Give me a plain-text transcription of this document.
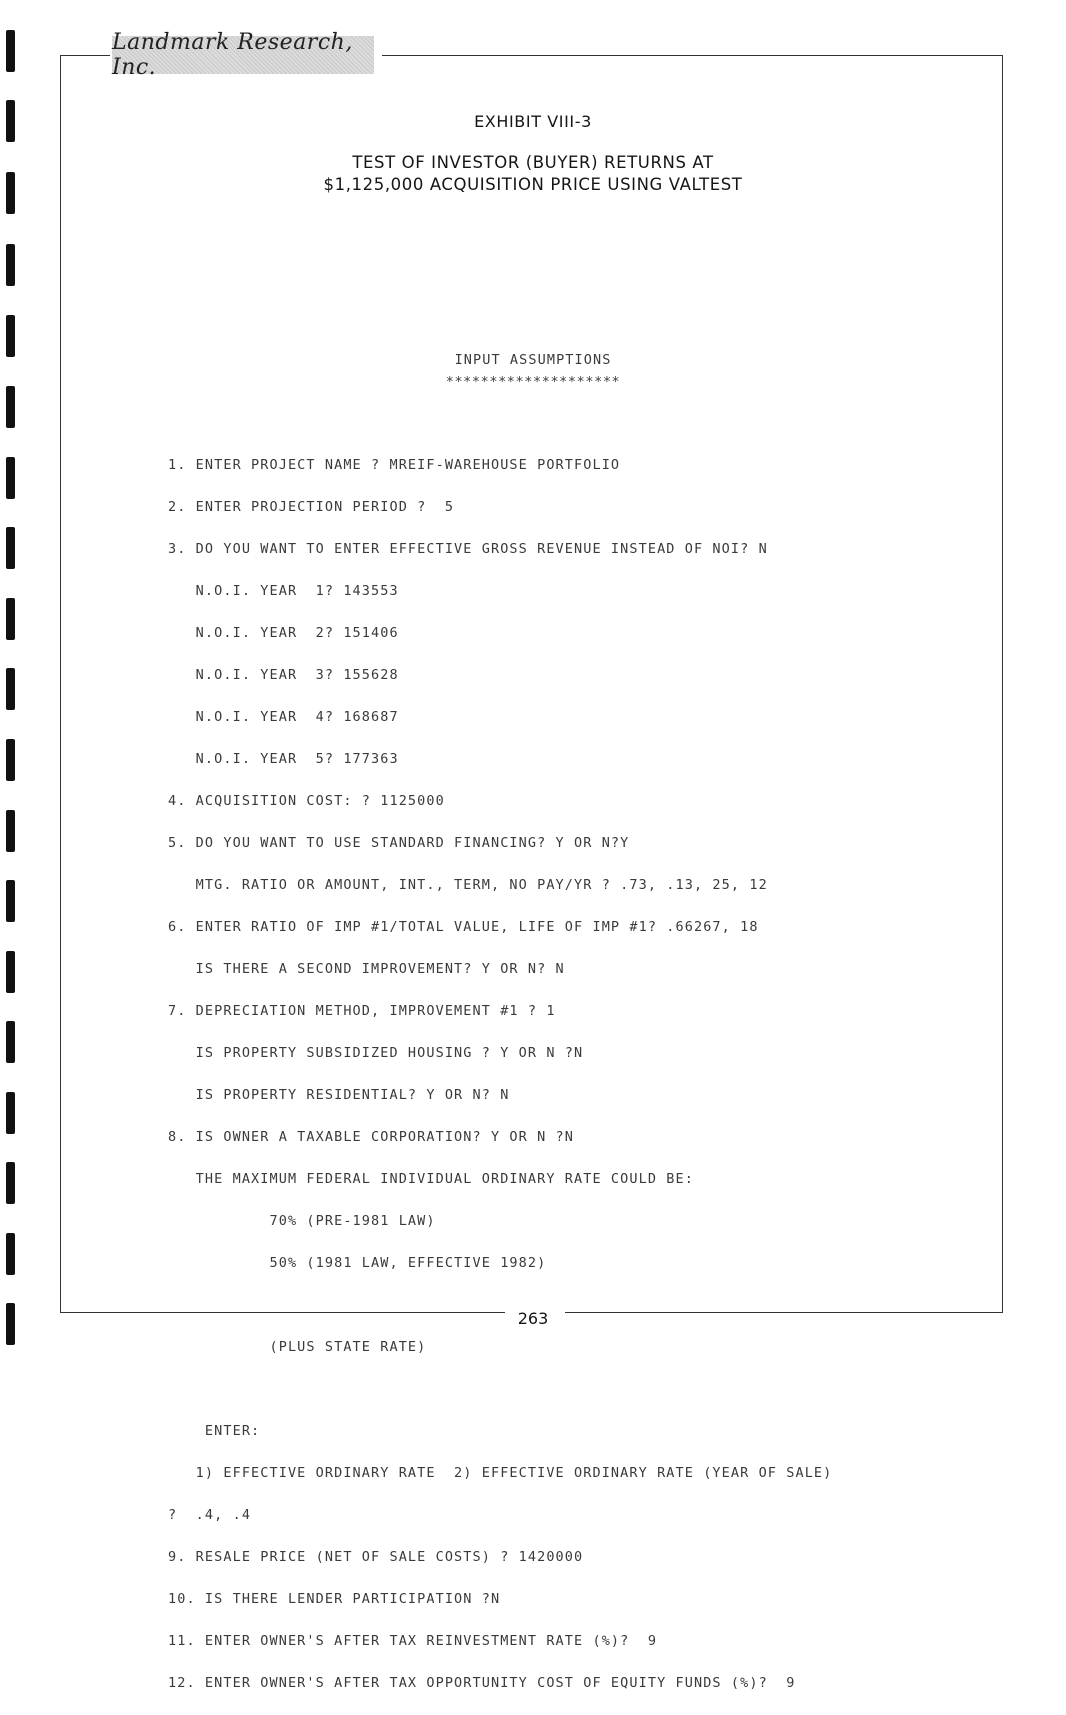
Landmark Research, Inc.
EXHIBIT VIII-3
TEST OF INVESTOR (BUYER) RETURNS AT
$1,125,000 ACQUISITION PRICE USING VALTEST
INPUT ASSUMPTIONS
********************

1. ENTER PROJECT NAME ? MREIF-WAREHOUSE PORTFOLIO

2. ENTER PROJECTION PERIOD ?  5

3. DO YOU WANT TO ENTER EFFECTIVE GROSS REVENUE INSTEAD OF NOI? N

N.O.I. YEAR  1? 143553

N.O.I. YEAR  2? 151406

N.O.I. YEAR  3? 155628

N.O.I. YEAR  4? 168687

N.O.I. YEAR  5? 177363

4. ACQUISITION COST: ? 1125000

5. DO YOU WANT TO USE STANDARD FINANCING? Y OR N?Y

MTG. RATIO OR AMOUNT, INT., TERM, NO PAY/YR ? .73, .13, 25, 12

6. ENTER RATIO OF IMP #1/TOTAL VALUE, LIFE OF IMP #1? .66267, 18

IS THERE A SECOND IMPROVEMENT? Y OR N? N

7. DEPRECIATION METHOD, IMPROVEMENT #1 ? 1

IS PROPERTY SUBSIDIZED HOUSING ? Y OR N ?N

IS PROPERTY RESIDENTIAL? Y OR N? N

8. IS OWNER A TAXABLE CORPORATION? Y OR N ?N

THE MAXIMUM FEDERAL INDIVIDUAL ORDINARY RATE COULD BE:

70% (PRE-1981 LAW)

50% (1981 LAW, EFFECTIVE 1982)

(PLUS STATE RATE)

ENTER:

1) EFFECTIVE ORDINARY RATE  2) EFFECTIVE ORDINARY RATE (YEAR OF SALE)

?  .4, .4

9. RESALE PRICE (NET OF SALE COSTS) ? 1420000

10. IS THERE LENDER PARTICIPATION ?N

11. ENTER OWNER'S AFTER TAX REINVESTMENT RATE (%)?  9

12. ENTER OWNER'S AFTER TAX OPPORTUNITY COST OF EQUITY FUNDS (%)?  9

263
